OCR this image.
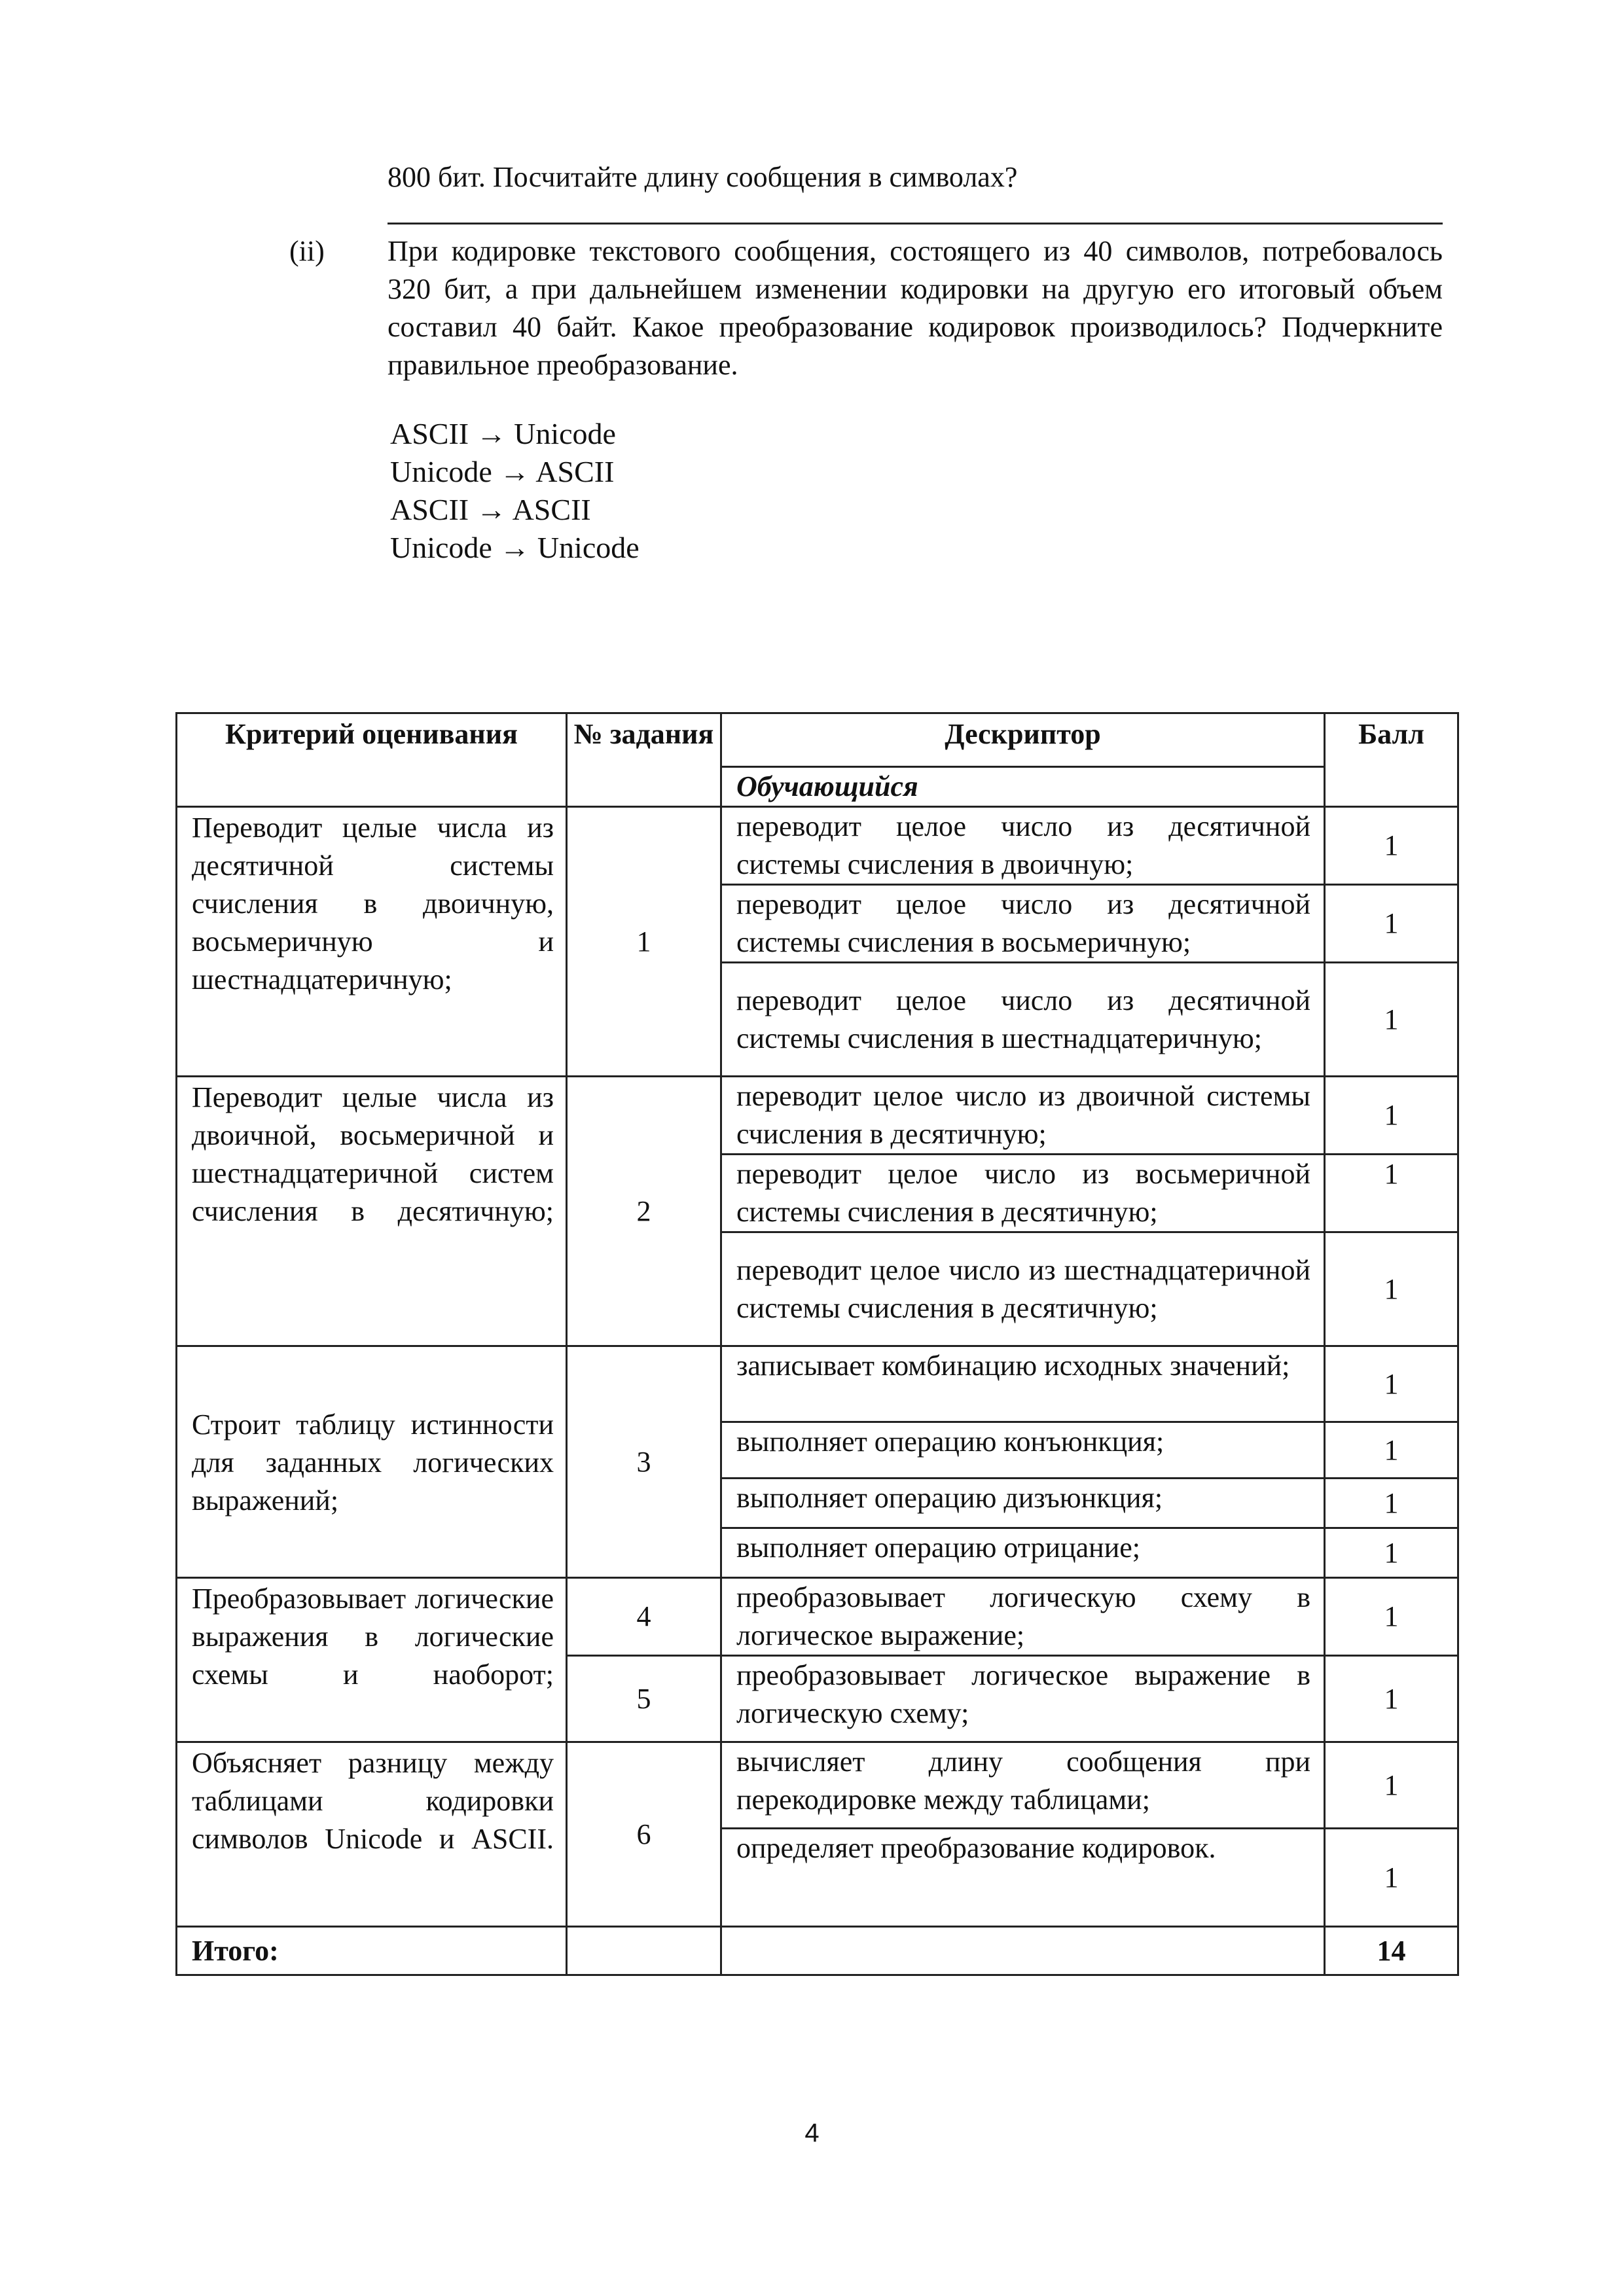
800 бит. Посчитайте длину сообщения в символах?
(ii) При кодировке текстового сообщения, состоящего из 40 символов, потребовалось 320 бит, а при дальнейшем изменении кодировки на другую его итоговый объем составил 40 байт. Какое преобразование кодировок производилось? Подчеркните правильное преобразование.
ASCII → Unicode
Unicode → ASCII
ASCII → ASCII
Unicode → Unicode
Критерий оценивания	№ задания	Дескриптор	Балл
		Обучающийся	
Переводит целые числа из десятичной системы счисления в двоичную, восьмеричную и шестнадцатеричную;	1	переводит целое число из десятичной системы счисления в двоичную;	1
		переводит целое число из десятичной системы счисления в восьмеричную;	1
		переводит целое число из десятичной системы счисления в шестнадцатеричную;	1
Переводит целые числа из двоичной, восьмеричной и шестнадцатеричной систем счисления в десятичную;	2	переводит целое число из двоичной системы счисления в десятичную;	1
		переводит целое число из восьмеричной системы счисления в десятичную;	1
		переводит целое число из шестнадцатеричной системы счисления в десятичную;	1
Строит таблицу истинности для заданных логических выражений;	3	записывает комбинацию исходных значений;	1
		выполняет операцию конъюнкция;	1
		выполняет операцию дизъюнкция;	1
		выполняет операцию отрицание;	1
Преобразовывает логические выражения в логические схемы и наоборот;	4	преобразовывает логическую схему в логическое выражение;	1
	5	преобразовывает логическое выражение в логическую схему;	1
Объясняет разницу между таблицами кодировки символов Unicode и ASCII.	6	вычисляет длину сообщения при перекодировке между таблицами;	1
		определяет преобразование кодировок.	1
Итого:			14
4
